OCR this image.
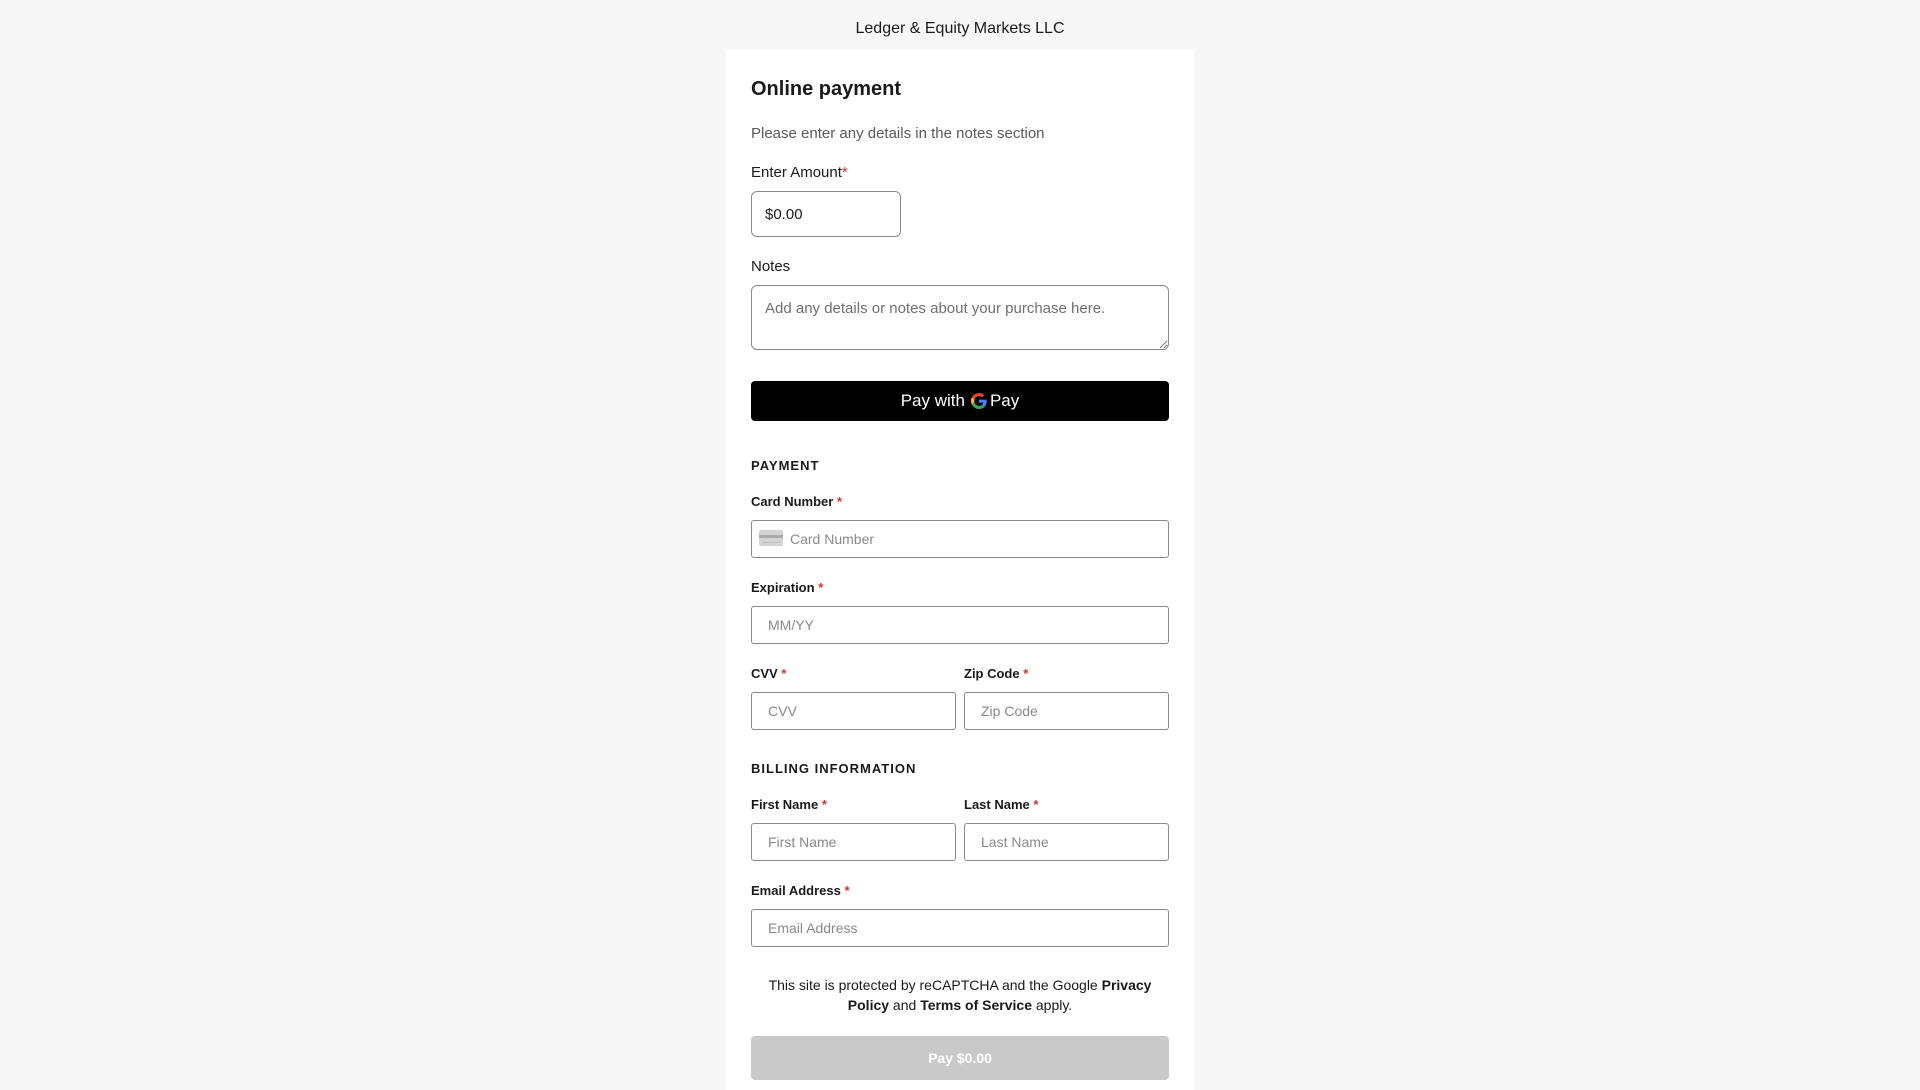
Ledger & Equity Markets LLC
Online payment
Please enter any details in the notes section
Enter Amount*
$0.00
Notes
Add any details or notes about your purchase here.
Pay with Pay
PAYMENT
Card Number *
Card Number
Expiration *
MM/YY
CVV *
CVV	Zip Code *
Zip Code
BILLING INFORMATION
First Name *
First Name	Last Name *
Last Name
Email Address *
Email Address
This site is protected by reCAPTCHA and the Google Privacy Policy and Terms of Service apply.
Pay $0.00
